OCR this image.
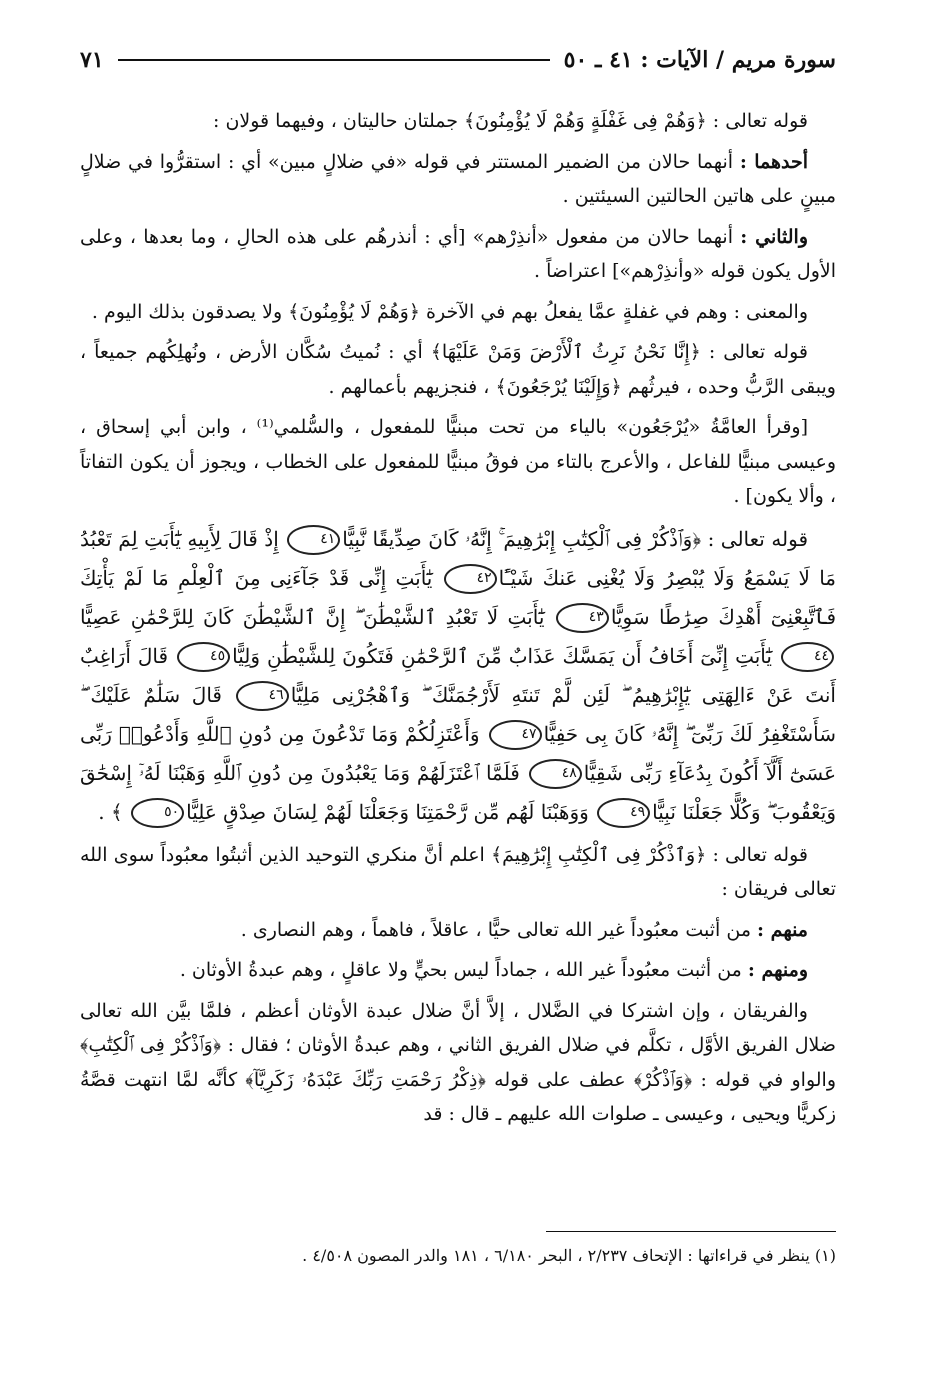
سورة مريم / الآيات : ٤١ ـ ٥٠
٧١

قوله تعالى : ﴿وَهُمْ فِى غَفْلَةٍ وَهُمْ لَا يُؤْمِنُونَ﴾ جملتان حاليتان ، وفيهما قولان :

أحدهما : أنهما حالان من الضمير المستتر في قوله «في ضلالٍ مبين» أي : استقرُّوا في ضلالٍ مبينٍ على هاتين الحالتين السيئتين .

والثاني : أنهما حالان من مفعول «أنذِرْهم» [أي : أنذرهُم على هذه الحالِ ، وما بعدها ، وعلى الأول يكون قوله «وأنذِرْهم»] اعتراضاً .

والمعنى : وهم في غفلةٍ عمَّا يفعلُ بهم في الآخرة ﴿وَهُمْ لَا يُؤْمِنُونَ﴾ ولا يصدقون بذلك اليوم .

قوله تعالى : ﴿إِنَّا نَحْنُ نَرِثُ ٱلْأَرْضَ وَمَنْ عَلَيْهَا﴾ أي : نُميتُ سُكَّان الأرض ، ونُهلِكُهم جميعاً ، ويبقى الرَّبُّ وحده ، فيرثُهم ﴿وَإِلَيْنَا يُرْجَعُونَ﴾ ، فنجزيهم بأعمالهم .

[وقرأ العامَّةُ «يُرْجَعُون» بالياء من تحت مبنيًّا للمفعول ، والسُّلمي⁽¹⁾ ، وابن أبي إسحاق ، وعيسى مبنيًّا للفاعل ، والأعرج بالتاء من فوقُ مبنيًّا للمفعول على الخطاب ، ويجوز أن يكون التفاتاً ، وألا يكون] .

قوله تعالى : ﴿وَٱذْكُرْ فِى ٱلْكِتَٰبِ إِبْرَٰهِيمَ ۚ إِنَّهُۥ كَانَ صِدِّيقًا نَّبِيًّا٤١ إِذْ قَالَ لِأَبِيهِ يَٰٓأَبَتِ لِمَ تَعْبُدُ مَا لَا يَسْمَعُ وَلَا يُبْصِرُ وَلَا يُغْنِى عَنكَ شَيْـًٔا٤٢ يَٰٓأَبَتِ إِنِّى قَدْ جَآءَنِى مِنَ ٱلْعِلْمِ مَا لَمْ يَأْتِكَ فَٱتَّبِعْنِىٓ أَهْدِكَ صِرَٰطًا سَوِيًّا٤٣ يَٰٓأَبَتِ لَا تَعْبُدِ ٱلشَّيْطَٰنَ ۖ إِنَّ ٱلشَّيْطَٰنَ كَانَ لِلرَّحْمَٰنِ عَصِيًّا٤٤ يَٰٓأَبَتِ إِنِّىٓ أَخَافُ أَن يَمَسَّكَ عَذَابٌ مِّنَ ٱلرَّحْمَٰنِ فَتَكُونَ لِلشَّيْطَٰنِ وَلِيًّا٤٥ قَالَ أَرَاغِبٌ أَنتَ عَنْ ءَالِهَتِى يَٰٓإِبْرَٰهِيمُ ۖ لَئِن لَّمْ تَنتَهِ لَأَرْجُمَنَّكَ ۖ وَٱهْجُرْنِى مَلِيًّا٤٦ قَالَ سَلَٰمٌ عَلَيْكَ ۖ سَأَسْتَغْفِرُ لَكَ رَبِّىٓ ۖ إِنَّهُۥ كَانَ بِى حَفِيًّا٤٧ وَأَعْتَزِلُكُمْ وَمَا تَدْعُونَ مِن دُونِ ٱللَّهِ وَأَدْعُوا۟ رَبِّى عَسَىٰٓ أَلَّآ أَكُونَ بِدُعَآءِ رَبِّى شَقِيًّا٤٨ فَلَمَّا ٱعْتَزَلَهُمْ وَمَا يَعْبُدُونَ مِن دُونِ ٱللَّهِ وَهَبْنَا لَهُۥٓ إِسْحَٰقَ وَيَعْقُوبَ ۖ وَكُلًّا جَعَلْنَا نَبِيًّا٤٩ وَوَهَبْنَا لَهُم مِّن رَّحْمَتِنَا وَجَعَلْنَا لَهُمْ لِسَانَ صِدْقٍ عَلِيًّا٥٠ ﴾ .

قوله تعالى : ﴿وَٱذْكُرْ فِى ٱلْكِتَٰبِ إِبْرَٰهِيمَ﴾ اعلم أنَّ منكري التوحيد الذين أثبتُوا معبُوداً سوى الله تعالى فريقان :

منهم : من أثبت معبُوداً غير الله تعالى حيًّا ، عاقلاً ، فاهماً ، وهم النصارى .

ومنهم : من أثبت معبُوداً غير الله ، جماداً ليس بحيٍّ ولا عاقلٍ ، وهم عبدةُ الأوثان .

والفريقان ، وإن اشتركا في الضَّلال ، إلاَّ أنَّ ضلال عبدة الأوثان أعظم ، فلمَّا بيَّن الله تعالى ضلال الفريق الأوَّل ، تكلَّم في ضلال الفريق الثاني ، وهم عبدةُ الأوثان ؛ فقال : ﴿وَٱذْكُرْ فِى ٱلْكِتَٰبِ﴾ والواو في قوله : ﴿وَٱذْكُرْ﴾ عطف على قوله ﴿ذِكْرُ رَحْمَتِ رَبِّكَ عَبْدَهُۥ زَكَرِيَّآ﴾ كأنَّه لمَّا انتهت قصَّةُ زكريًّا ويحيى ، وعيسى ـ صلوات الله عليهم ـ قال : قد

(١) ينظر في قراءاتها : الإتحاف ٢/٢٣٧ ، البحر ٦/١٨٠ ، ١٨١ والدر المصون ٤/٥٠٨ .
